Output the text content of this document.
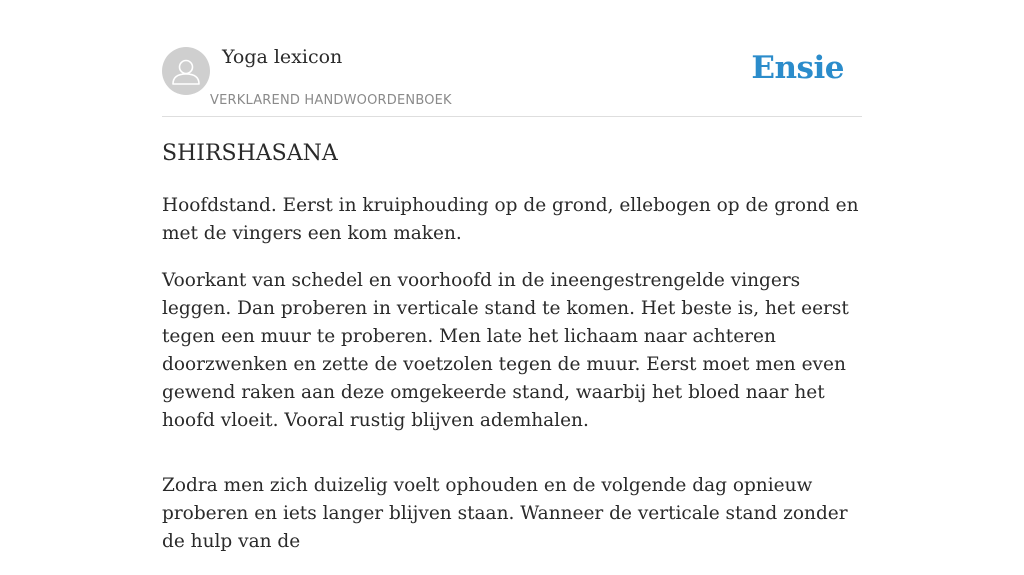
Yoga lexicon
VERKLAREND HANDWOORDENBOEK
Ensie
SHIRSHASANA

Hoofdstand. Eerst in kruiphouding op de grond, ellebogen op de grond en met de vingers een kom maken.

Voorkant van schedel en voorhoofd in de ineengestrengelde vingers leggen. Dan proberen in verticale stand te komen. Het beste is, het eerst tegen een muur te proberen. Men late het lichaam naar achteren doorzwenken en zette de voetzolen tegen de muur. Eerst moet men even gewend raken aan deze omgekeerde stand, waarbij het bloed naar het hoofd vloeit. Vooral rustig blijven ademhalen.

Zodra men zich duizelig voelt ophouden en de volgende dag opnieuw proberen en iets langer blijven staan. Wanneer de verticale stand zonder de hulp van de
